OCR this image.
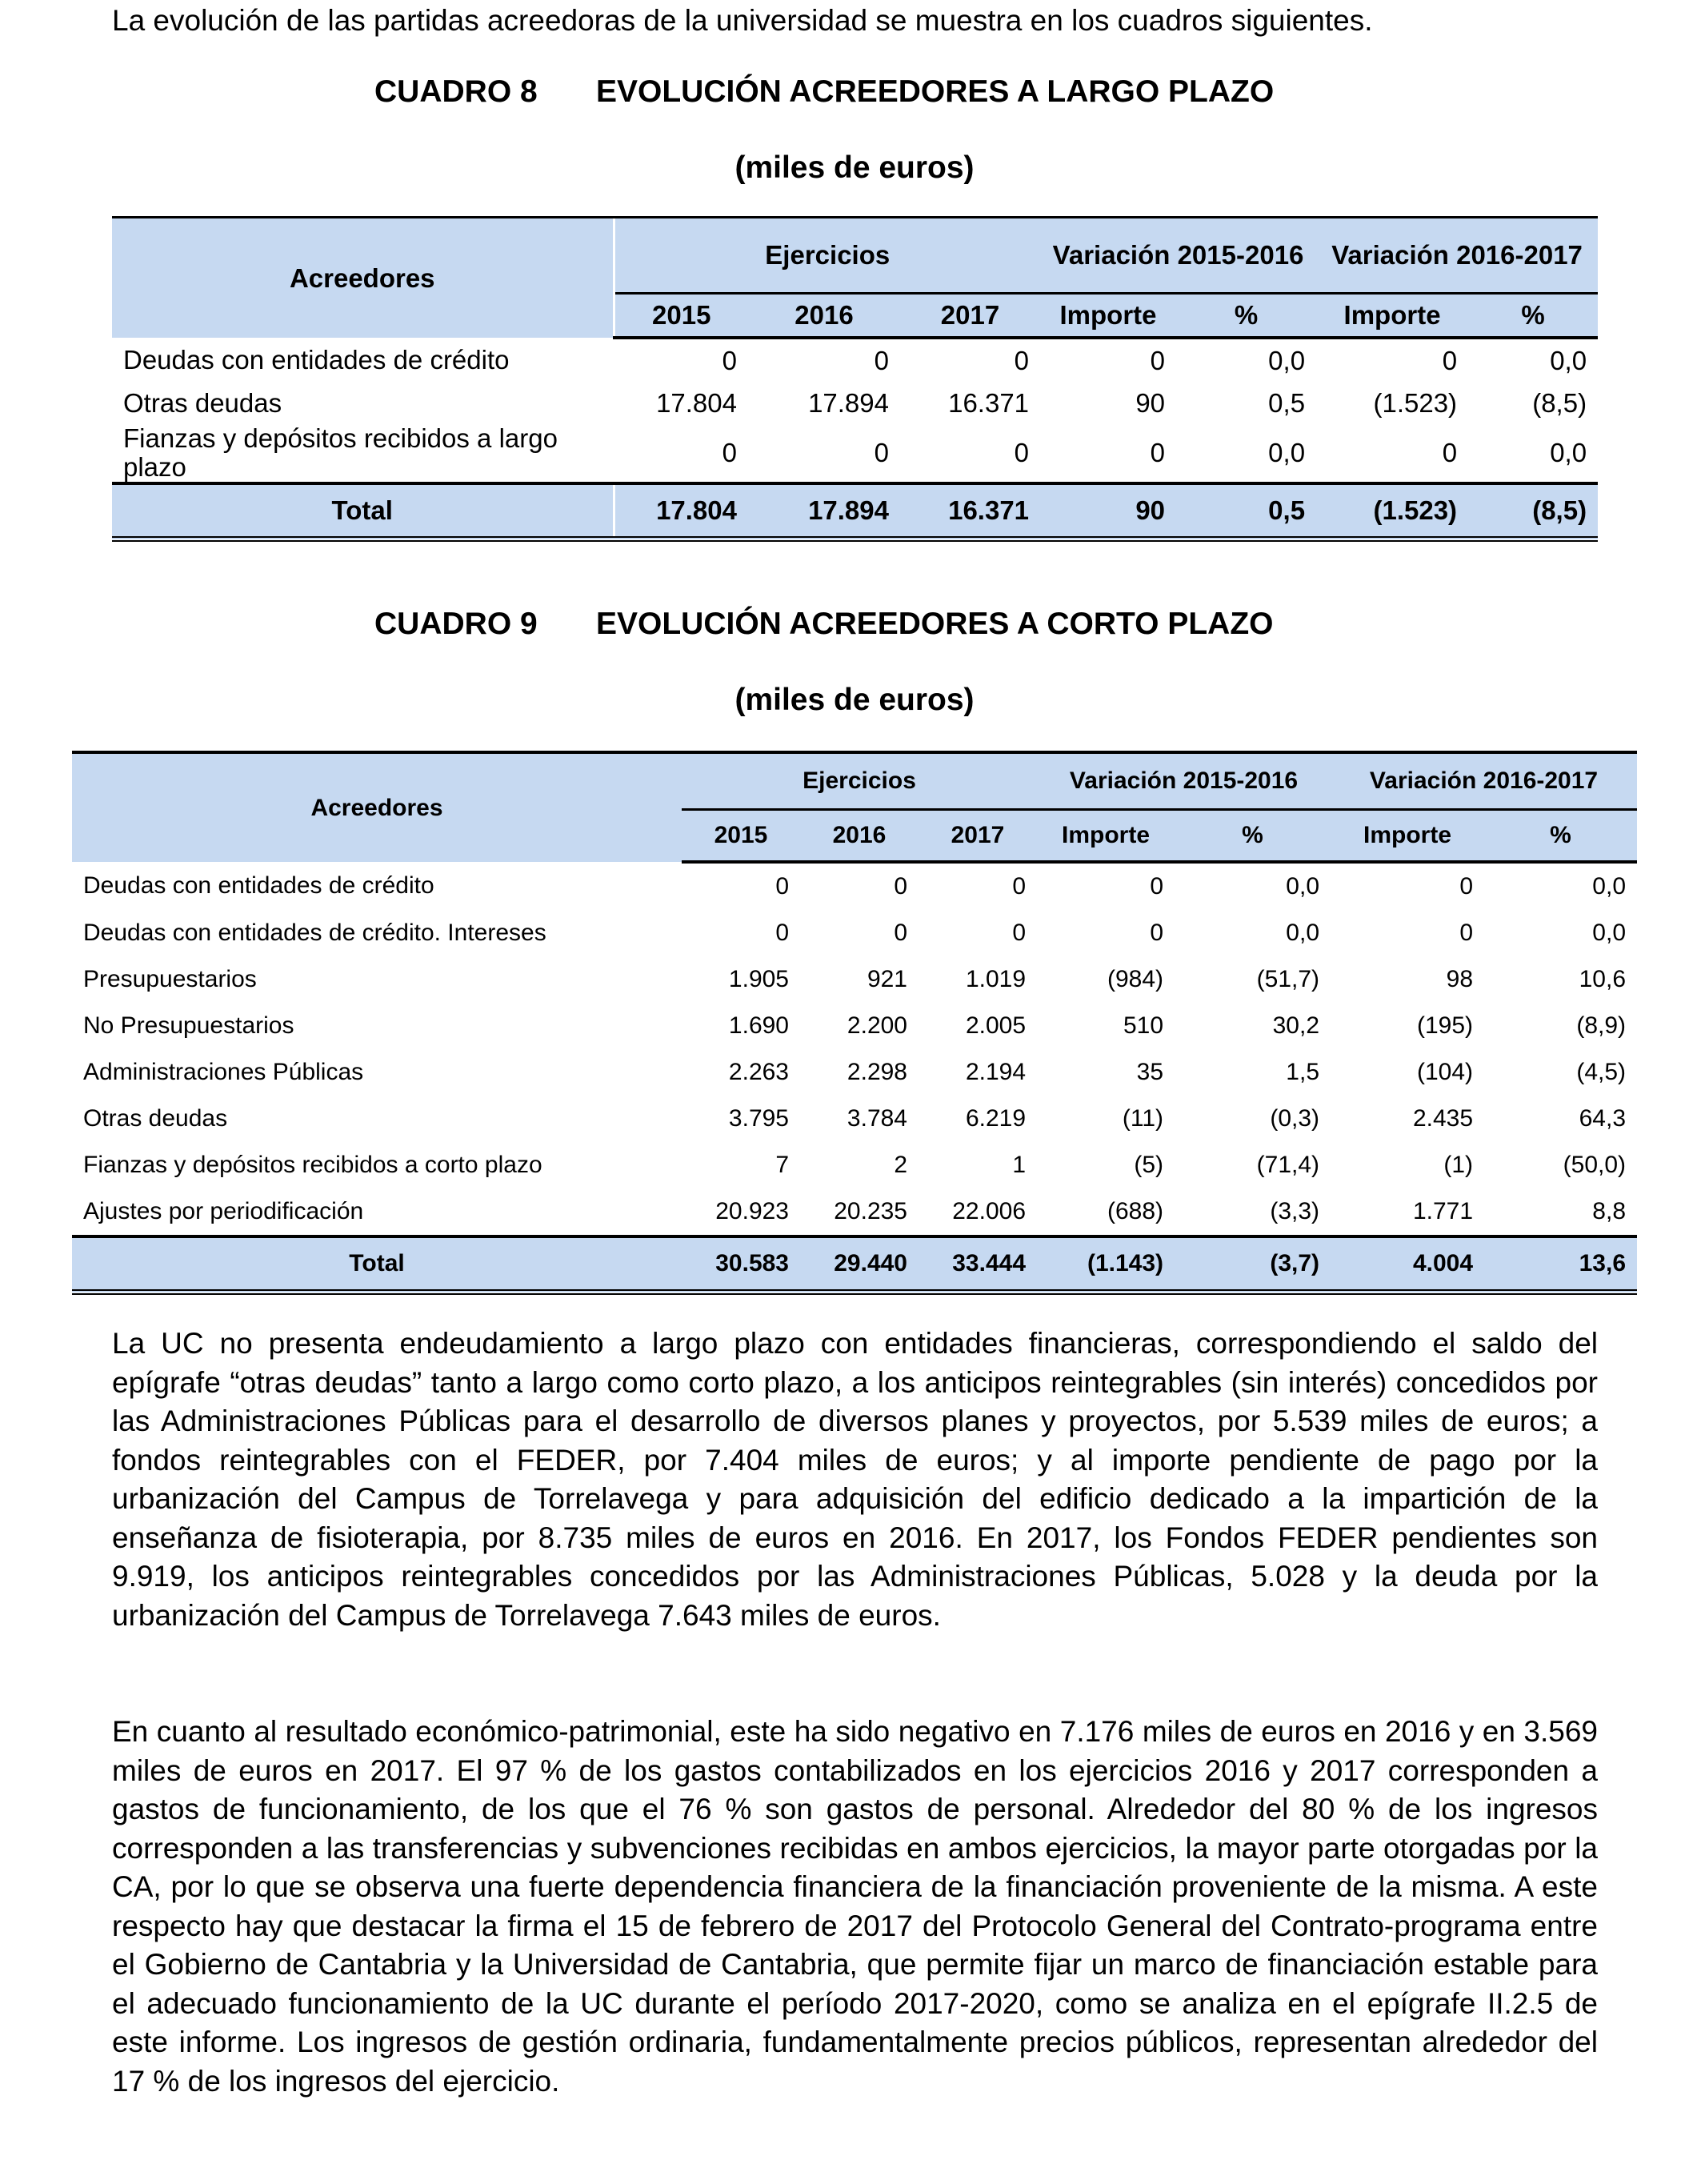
La evolución de las partidas acreedoras de la universidad se muestra en los cuadros siguientes.
CUADRO 8 EVOLUCIÓN ACREEDORES A LARGO PLAZO
(miles de euros)
Acreedores	Ejercicios			Variación 2015-2016		Variación 2016-2017	
	2015	2016	2017	Importe	%	Importe	%
Deudas con entidades de crédito	0	0	0	0	0,0	0	0,0
Otras deudas	17.804	17.894	16.371	90	0,5	(1.523)	(8,5)
Fianzas y depósitos recibidos a largo plazo	0	0	0	0	0,0	0	0,0
Total	17.804	17.894	16.371	90	0,5	(1.523)	(8,5)
CUADRO 9 EVOLUCIÓN ACREEDORES A CORTO PLAZO
(miles de euros)
Acreedores	Ejercicios			Variación 2015-2016		Variación 2016-2017	
	2015	2016	2017	Importe	%	Importe	%
Deudas con entidades de crédito	0	0	0	0	0,0	0	0,0
Deudas con entidades de crédito. Intereses	0	0	0	0	0,0	0	0,0
Presupuestarios	1.905	921	1.019	(984)	(51,7)	98	10,6
No Presupuestarios	1.690	2.200	2.005	510	30,2	(195)	(8,9)
Administraciones Públicas	2.263	2.298	2.194	35	1,5	(104)	(4,5)
Otras deudas	3.795	3.784	6.219	(11)	(0,3)	2.435	64,3
Fianzas y depósitos recibidos a corto plazo	7	2	1	(5)	(71,4)	(1)	(50,0)
Ajustes por periodificación	20.923	20.235	22.006	(688)	(3,3)	1.771	8,8
Total	30.583	29.440	33.444	(1.143)	(3,7)	4.004	13,6
La UC no presenta endeudamiento a largo plazo con entidades financieras, correspondiendo el saldo del epígrafe “otras deudas” tanto a largo como corto plazo, a los anticipos reintegrables (sin interés) concedidos por las Administraciones Públicas para el desarrollo de diversos planes y proyectos, por 5.539 miles de euros; a fondos reintegrables con el FEDER, por 7.404 miles de euros; y al importe pendiente de pago por la urbanización del Campus de Torrelavega y para adquisición del edificio dedicado a la impartición de la enseñanza de fisioterapia, por 8.735 miles de euros en 2016. En 2017, los Fondos FEDER pendientes son 9.919, los anticipos reintegrables concedidos por las Administraciones Públicas, 5.028 y la deuda por la urbanización del Campus de Torrelavega 7.643 miles de euros.
En cuanto al resultado económico-patrimonial, este ha sido negativo en 7.176 miles de euros en 2016 y en 3.569 miles de euros en 2017. El 97 % de los gastos contabilizados en los ejercicios 2016 y 2017 corresponden a gastos de funcionamiento, de los que el 76 % son gastos de personal. Alrededor del 80 % de los ingresos corresponden a las transferencias y subvenciones recibidas en ambos ejercicios, la mayor parte otorgadas por la CA, por lo que se observa una fuerte dependencia financiera de la financiación proveniente de la misma. A este respecto hay que destacar la firma el 15 de febrero de 2017 del Protocolo General del Contrato-programa entre el Gobierno de Cantabria y la Universidad de Cantabria, que permite fijar un marco de financiación estable para el adecuado funcionamiento de la UC durante el período 2017-2020, como se analiza en el epígrafe II.2.5 de este informe. Los ingresos de gestión ordinaria, fundamentalmente precios públicos, representan alrededor del 17 % de los ingresos del ejercicio.
